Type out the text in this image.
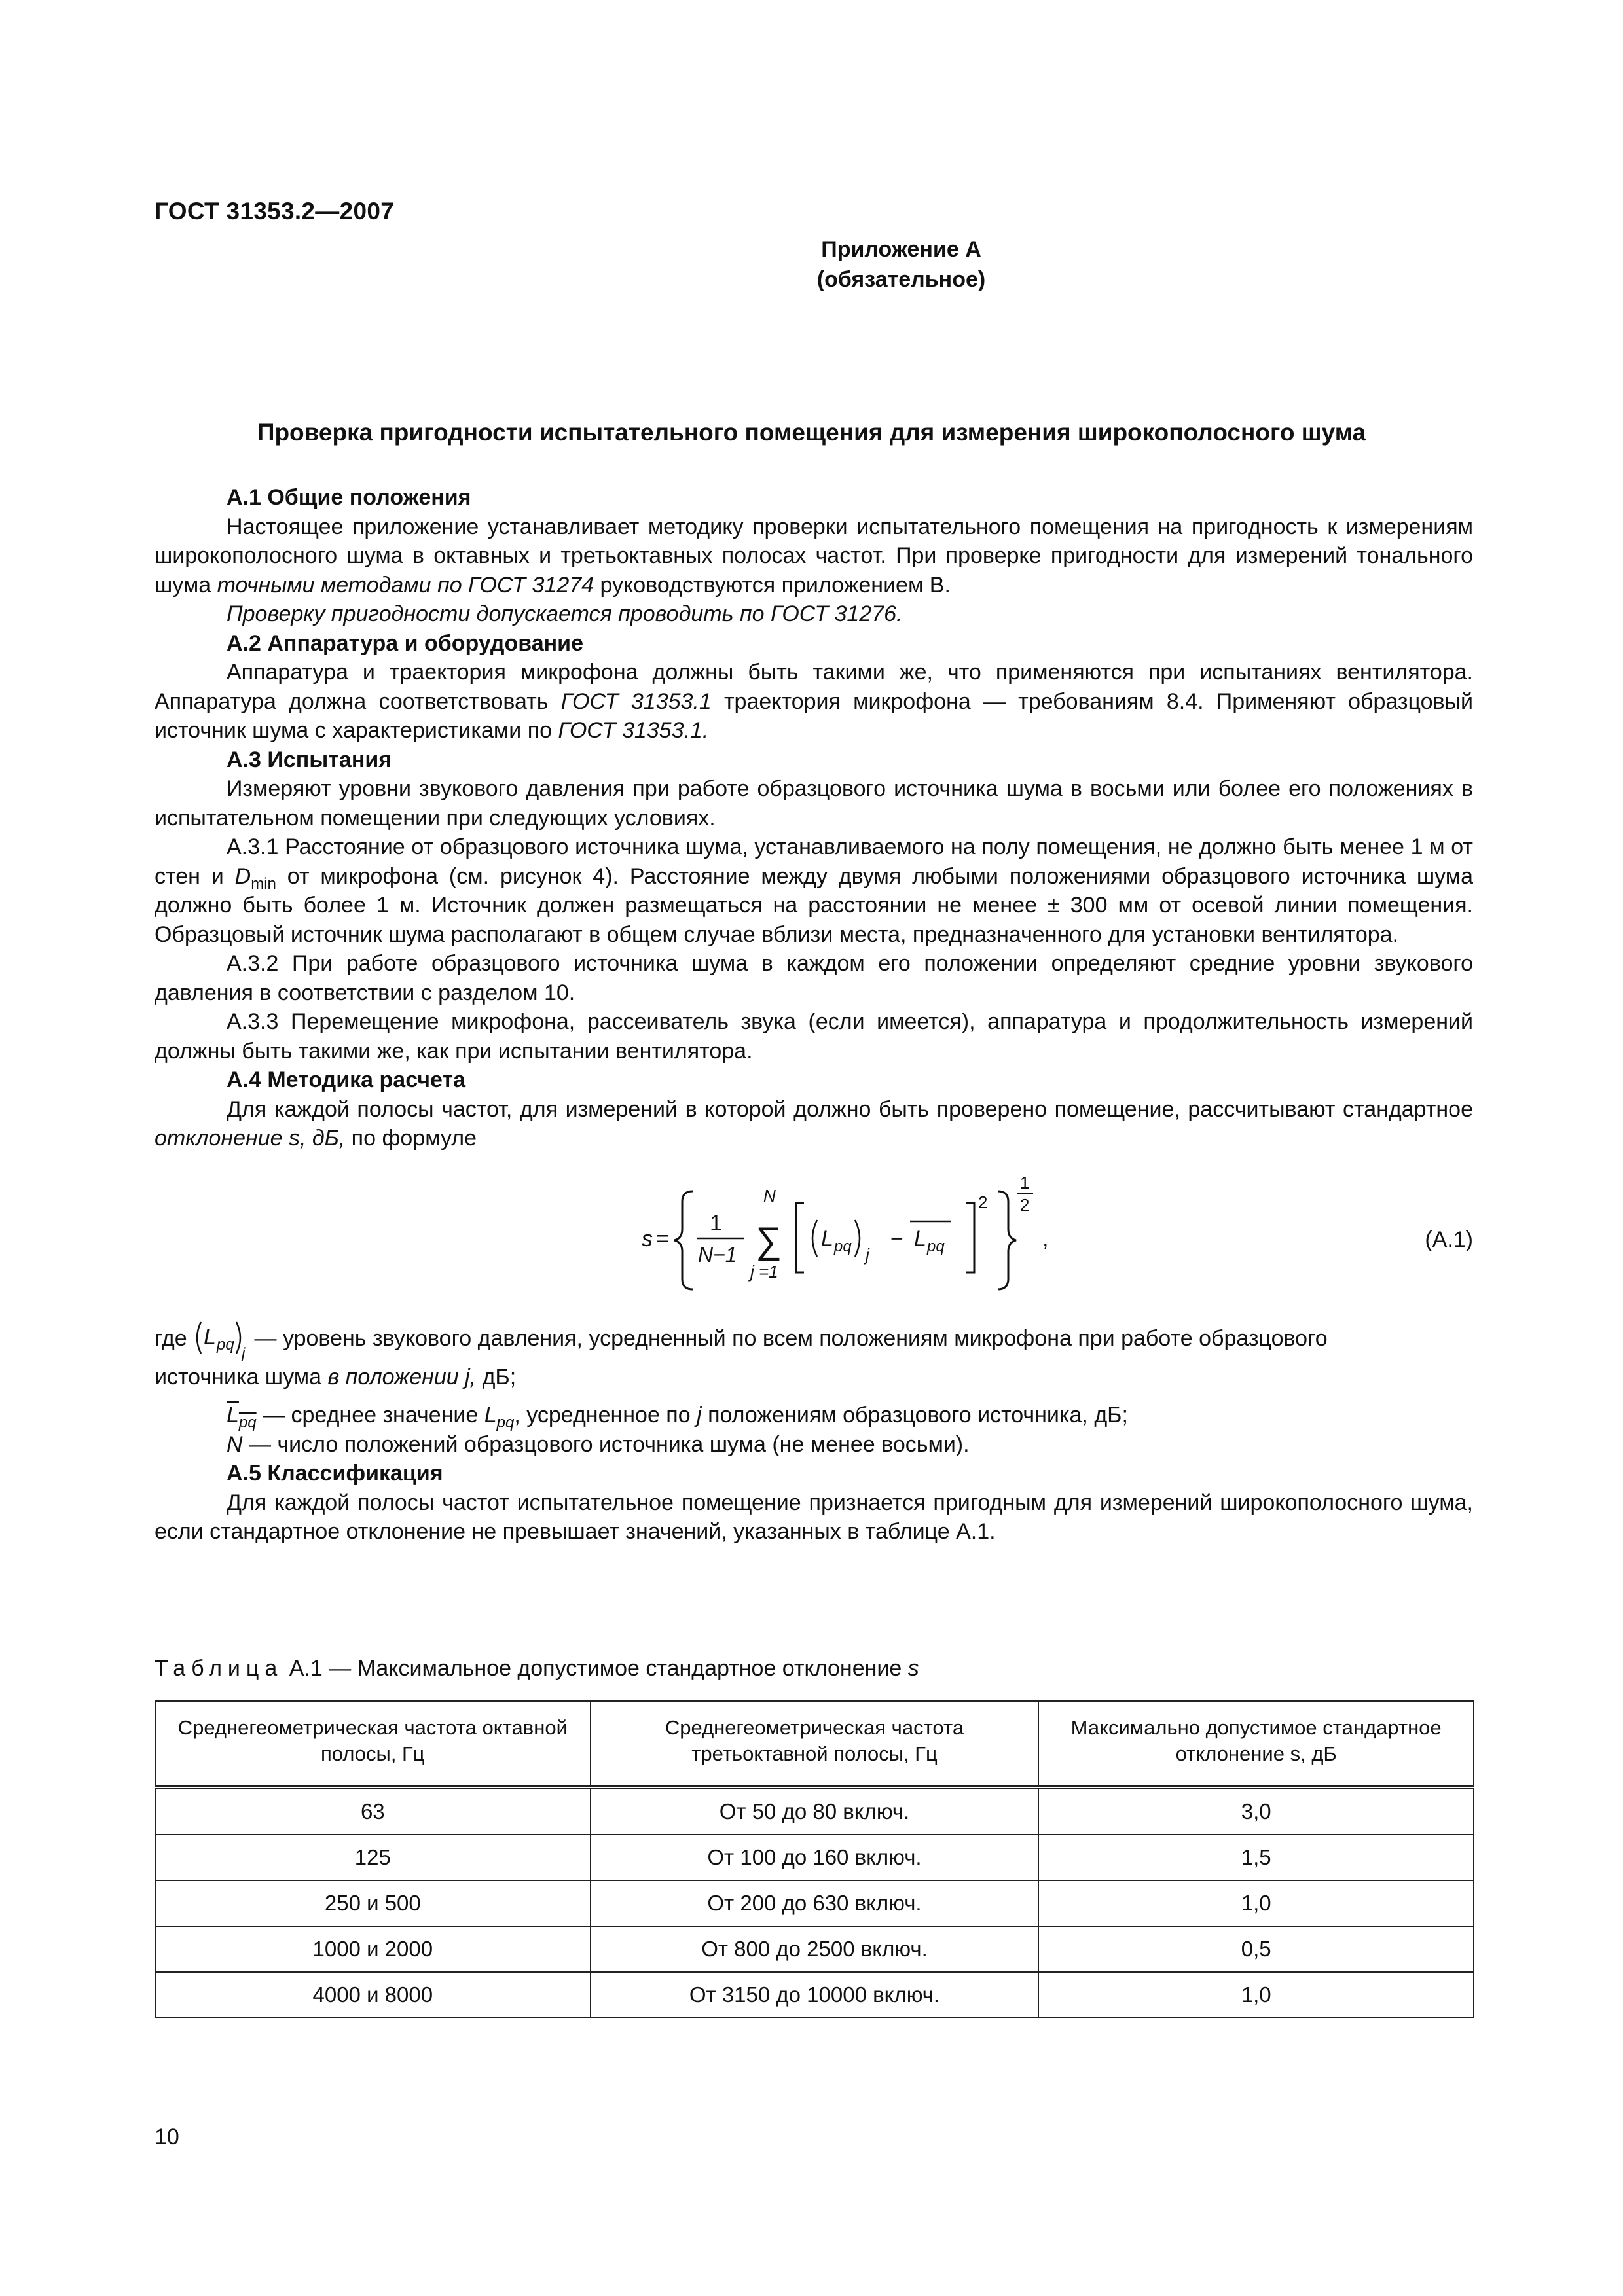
ГОСТ 31353.2—2007
Приложение А
(обязательное)
Проверка пригодности испытательного помещения для измерения широкополосного шума

А.1 Общие положения

Настоящее приложение устанавливает методику проверки испытательного помещения на пригодность к измерениям широкополосного шума в октавных и третьоктавных полосах частот. При проверке пригодности для измерений тонального шума точными методами по ГОСТ 31274 руководствуются приложением В.

Проверку пригодности допускается проводить по ГОСТ 31276.

А.2 Аппаратура и оборудование

Аппаратура и траектория микрофона должны быть такими же, что применяются при испытаниях вентилятора. Аппаратура должна соответствовать ГОСТ 31353.1 траектория микрофона — требованиям 8.4. Применяют образцовый источник шума с характеристиками по ГОСТ 31353.1.

А.3 Испытания

Измеряют уровни звукового давления при работе образцового источника шума в восьми или более его положениях в испытательном помещении при следующих условиях.

А.3.1 Расстояние от образцового источника шума, устанавливаемого на полу помещения, не должно быть менее 1 м от стен и $D_{min}$ от микрофона (см. рисунок 4). Расстояние между двумя любыми положениями образцового источника шума должно быть более 1 м. Источник должен размещаться на расстоянии не менее ± 300 мм от осевой линии помещения. Образцовый источник шума располагают в общем случае вблизи места, предназначенного для установки вентилятора.

А.3.2 При работе образцового источника шума в каждом его положении определяют средние уровни звукового давления в соответствии с разделом 10.

А.3.3 Перемещение микрофона, рассеиватель звука (если имеется), аппаратура и продолжительность измерений должны быть такими же, как при испытании вентилятора.

А.4 Методика расчета

Для каждой полосы частот, для измерений в которой должно быть проверено помещение, рассчитывают стандартное отклонение s, дБ, по формуле

s =
1
N−1
N
∑
j =1
L pq j
− L pq
2
1
2
,	(А.1)
где L pq
j
— уровень звукового давления, усредненный по всем положениям микрофона при работе образцового

источника шума в положении j, дБ;

$L_{pq}$ — среднее значение $L_{pq}$, усредненное по j положениям образцового источника, дБ;

N — число положений образцового источника шума (не менее восьми).

А.5 Классификация

Для каждой полосы частот испытательное помещение признается пригодным для измерений широкополосного шума, если стандартное отклонение не превышает значений, указанных в таблице А.1.

Таблица А.1 — Максимальное допустимое стандартное отклонение s
Среднегеометрическая частота октавной полосы, Гц	Среднегеометрическая частота третьоктавной полосы, Гц	Максимально допустимое стандартное отклонение s, дБ
63	От 50 до 80 включ.	3,0
125	От 100 до 160 включ.	1,5
250 и 500	От 200 до 630 включ.	1,0
1000 и 2000	От 800 до 2500 включ.	0,5
4000 и 8000	От 3150 до 10000 включ.	1,0
10
